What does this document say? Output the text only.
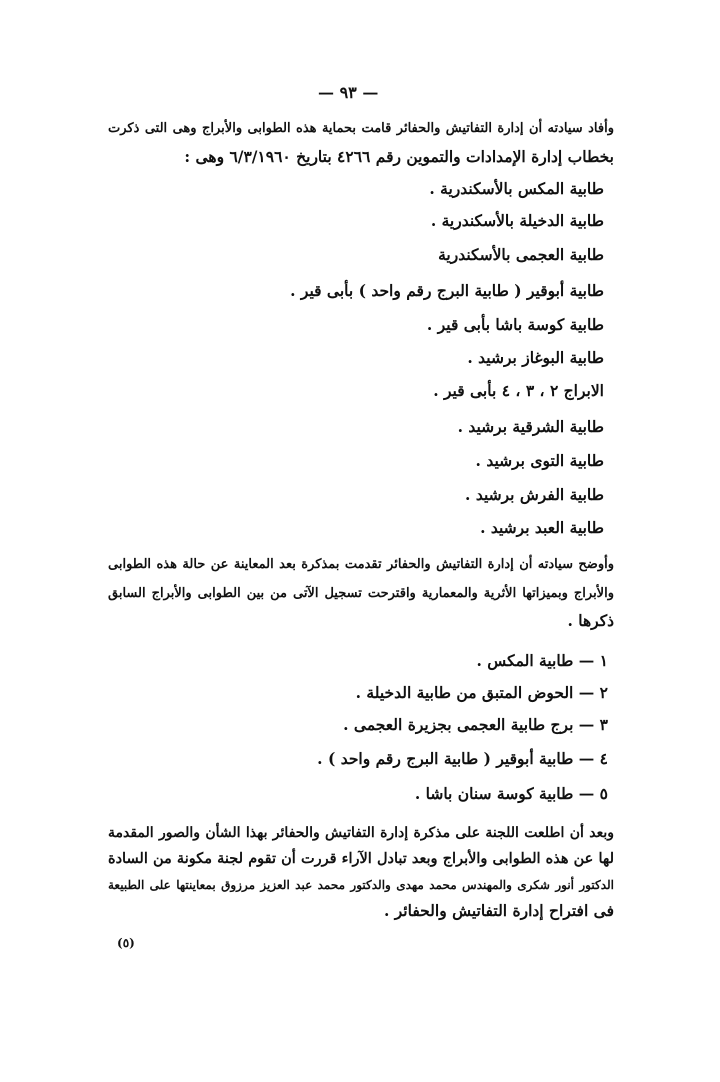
— ٩٣ —
وأفاد سيادته أن إدارة التفاتيش والحفائر قامت بحماية هذه الطوابى والأبراج وهى التى ذكرت
بخطاب إدارة الإمدادات والتموين رقم ٤٢٦٦ بتاريخ ٦/٣/١٩٦٠ وهى :
طابية المكس بالأسكندرية .
طابية الدخيلة بالأسكندرية .
طابية العجمى بالأسكندرية
طابية أبوقير ( طابية البرج رقم واحد ) بأبى قير .
طابية كوسة باشا بأبى قير .
طابية البوغاز برشيد .
الابراج ٢ ، ٣ ، ٤ بأبى قير .
طابية الشرقية برشيد .
طابية التوى برشيد .
طابية الفرش برشيد .
طابية العبد برشيد .
وأوضح سيادته أن إدارة التفاتيش والحفائر تقدمت بمذكرة بعد المعاينة عن حالة هذه الطوابى
والأبراج وبميزاتها الأثرية والمعمارية واقترحت تسجيل الآتى من بين الطوابى والأبراج السابق
ذكرها .
١ — طابية المكس .
٢ — الحوض المتبق من طابية الدخيلة .
٣ — برج طابية العجمى بجزيرة العجمى .
٤ — طابية أبوقير ( طابية البرج رقم واحد ) .
٥ — طابية كوسة سنان باشا .
وبعد أن اطلعت اللجنة على مذكرة إدارة التفاتيش والحفائر بهذا الشأن والصور المقدمة
لها عن هذه الطوابى والأبراج وبعد تبادل الآراء قررت أن تقوم لجنة مكونة من السادة
الدكتور أنور شكرى والمهندس محمد مهدى والدكتور محمد عبد العزيز مرزوق بمعاينتها على الطبيعة
فى افتراح إدارة التفاتيش والحفائر .
(٥)
